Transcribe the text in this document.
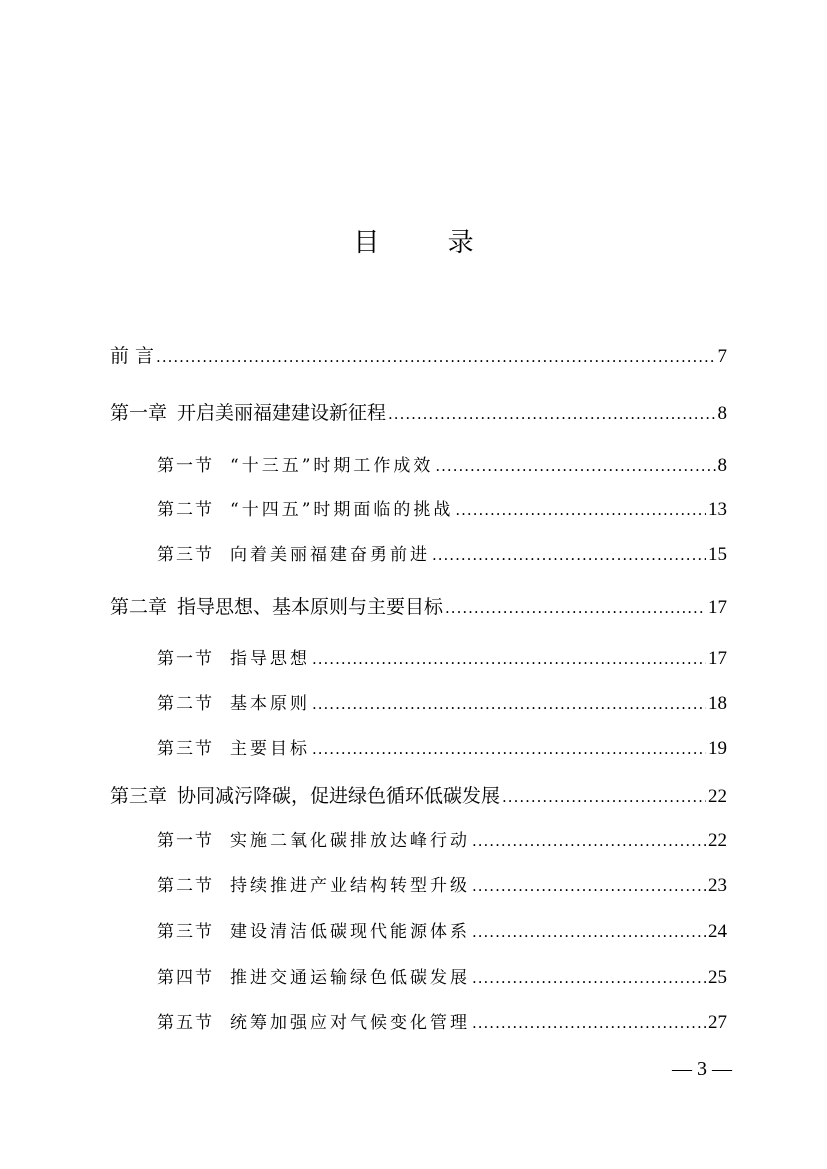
目 录
前 言 .....	7
第一章 开启美丽福建建设新征程 .....	8
第一节 “十三五”时期工作成效 .....	8
第二节 “十四五”时期面临的挑战 .....	13
第三节 向着美丽福建奋勇前进 .....	15
第二章 指导思想、基本原则与主要目标 .....	17
第一节 指导思想 .....	17
第二节 基本原则 .....	18
第三节 主要目标 .....	19
第三章 协同减污降碳，促进绿色循环低碳发展 .....	22
第一节 实施二氧化碳排放达峰行动 .....	22
第二节 持续推进产业结构转型升级 .....	23
第三节 建设清洁低碳现代能源体系 .....	24
第四节 推进交通运输绿色低碳发展 .....	25
第五节 统筹加强应对气候变化管理 .....	27
— 3 —
